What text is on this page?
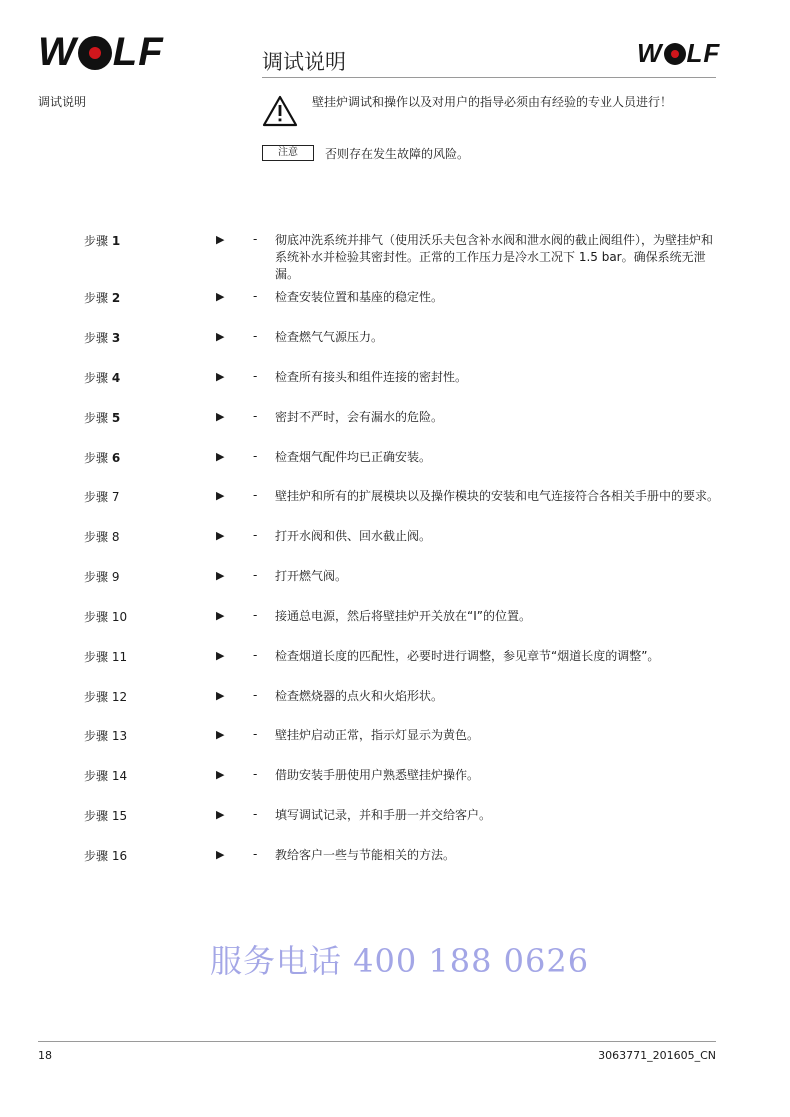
W LF	W LF
调试说明
调试说明	壁挂炉调试和操作以及对用户的指导必须由有经验的专业人员进行！
注意	否则存在发生故障的风险。
步骤 1	▶ - 彻底冲洗系统并排气（使用沃乐夫包含补水阀和泄水阀的截止阀组件），为壁挂炉和系统补水并检验其密封性。正常的工作压力是冷水工况下 1.5 bar。确保系统无泄漏。
步骤 2	▶ - 检查安装位置和基座的稳定性。
步骤 3	▶ - 检查燃气气源压力。
步骤 4	▶ - 检查所有接头和组件连接的密封性。
步骤 5	▶ - 密封不严时，会有漏水的危险。
步骤 6	▶ - 检查烟气配件均已正确安装。
步骤 7	▶ - 壁挂炉和所有的扩展模块以及操作模块的安装和电气连接符合各相关手册中的要求。
步骤 8	▶ - 打开水阀和供、回水截止阀。
步骤 9	▶ - 打开燃气阀。
步骤 10	▶ - 接通总电源，然后将壁挂炉开关放在“Ⅰ”的位置。
步骤 11	▶ - 检查烟道长度的匹配性，必要时进行调整，参见章节“烟道长度的调整”。
步骤 12	▶ - 检查燃烧器的点火和火焰形状。
步骤 13	▶ - 壁挂炉启动正常，指示灯显示为黄色。
步骤 14	▶ - 借助安装手册使用户熟悉壁挂炉操作。
步骤 15	▶ - 填写调试记录，并和手册一并交给客户。
步骤 16	▶ - 教给客户一些与节能相关的方法。
服务电话 400 188 0626
18	3063771_201605_CN
